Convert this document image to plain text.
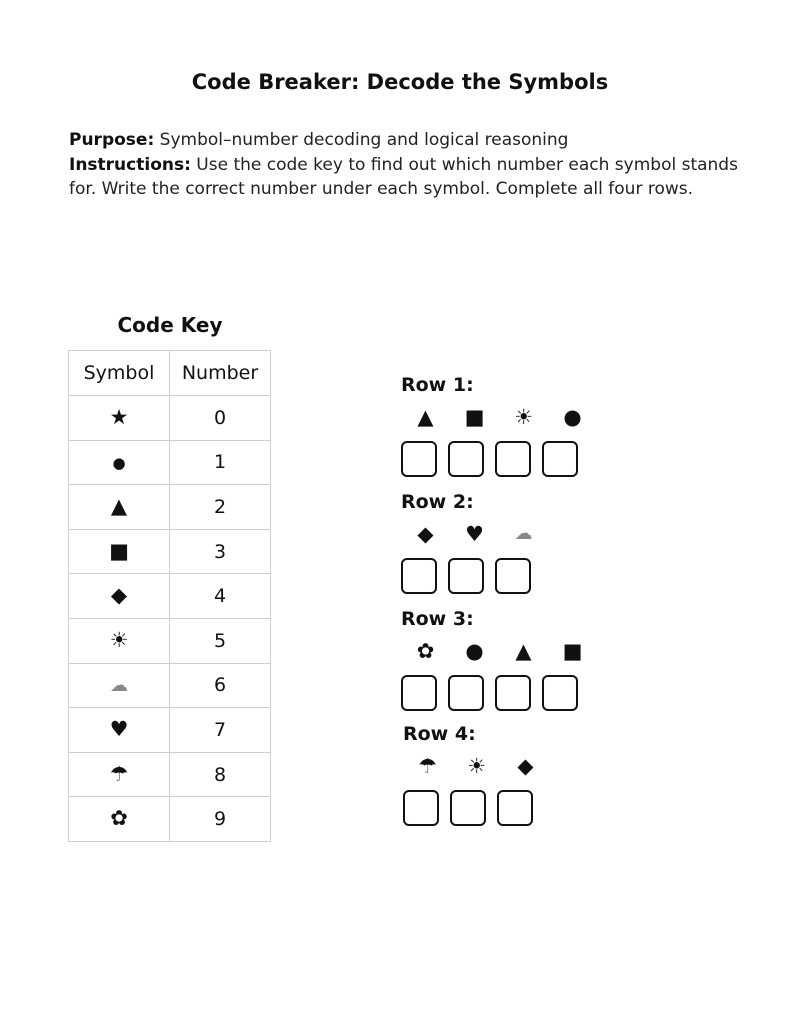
Code Breaker: Decode the Symbols
Purpose: Symbol–number decoding and logical reasoning
Instructions: Use the code key to find out which number each symbol stands for. Write the correct number under each symbol. Complete all four rows.
Code Key
Symbol	Number
★	0
●	1
▲	2
■	3
◆	4
☀	5
☁	6
♥	7
☂	8
✿	9
Row 1:
▲	■	☀	●
Row 2:
◆	♥	☁
Row 3:
✿	●	▲	■
Row 4:
☂	☀	◆
